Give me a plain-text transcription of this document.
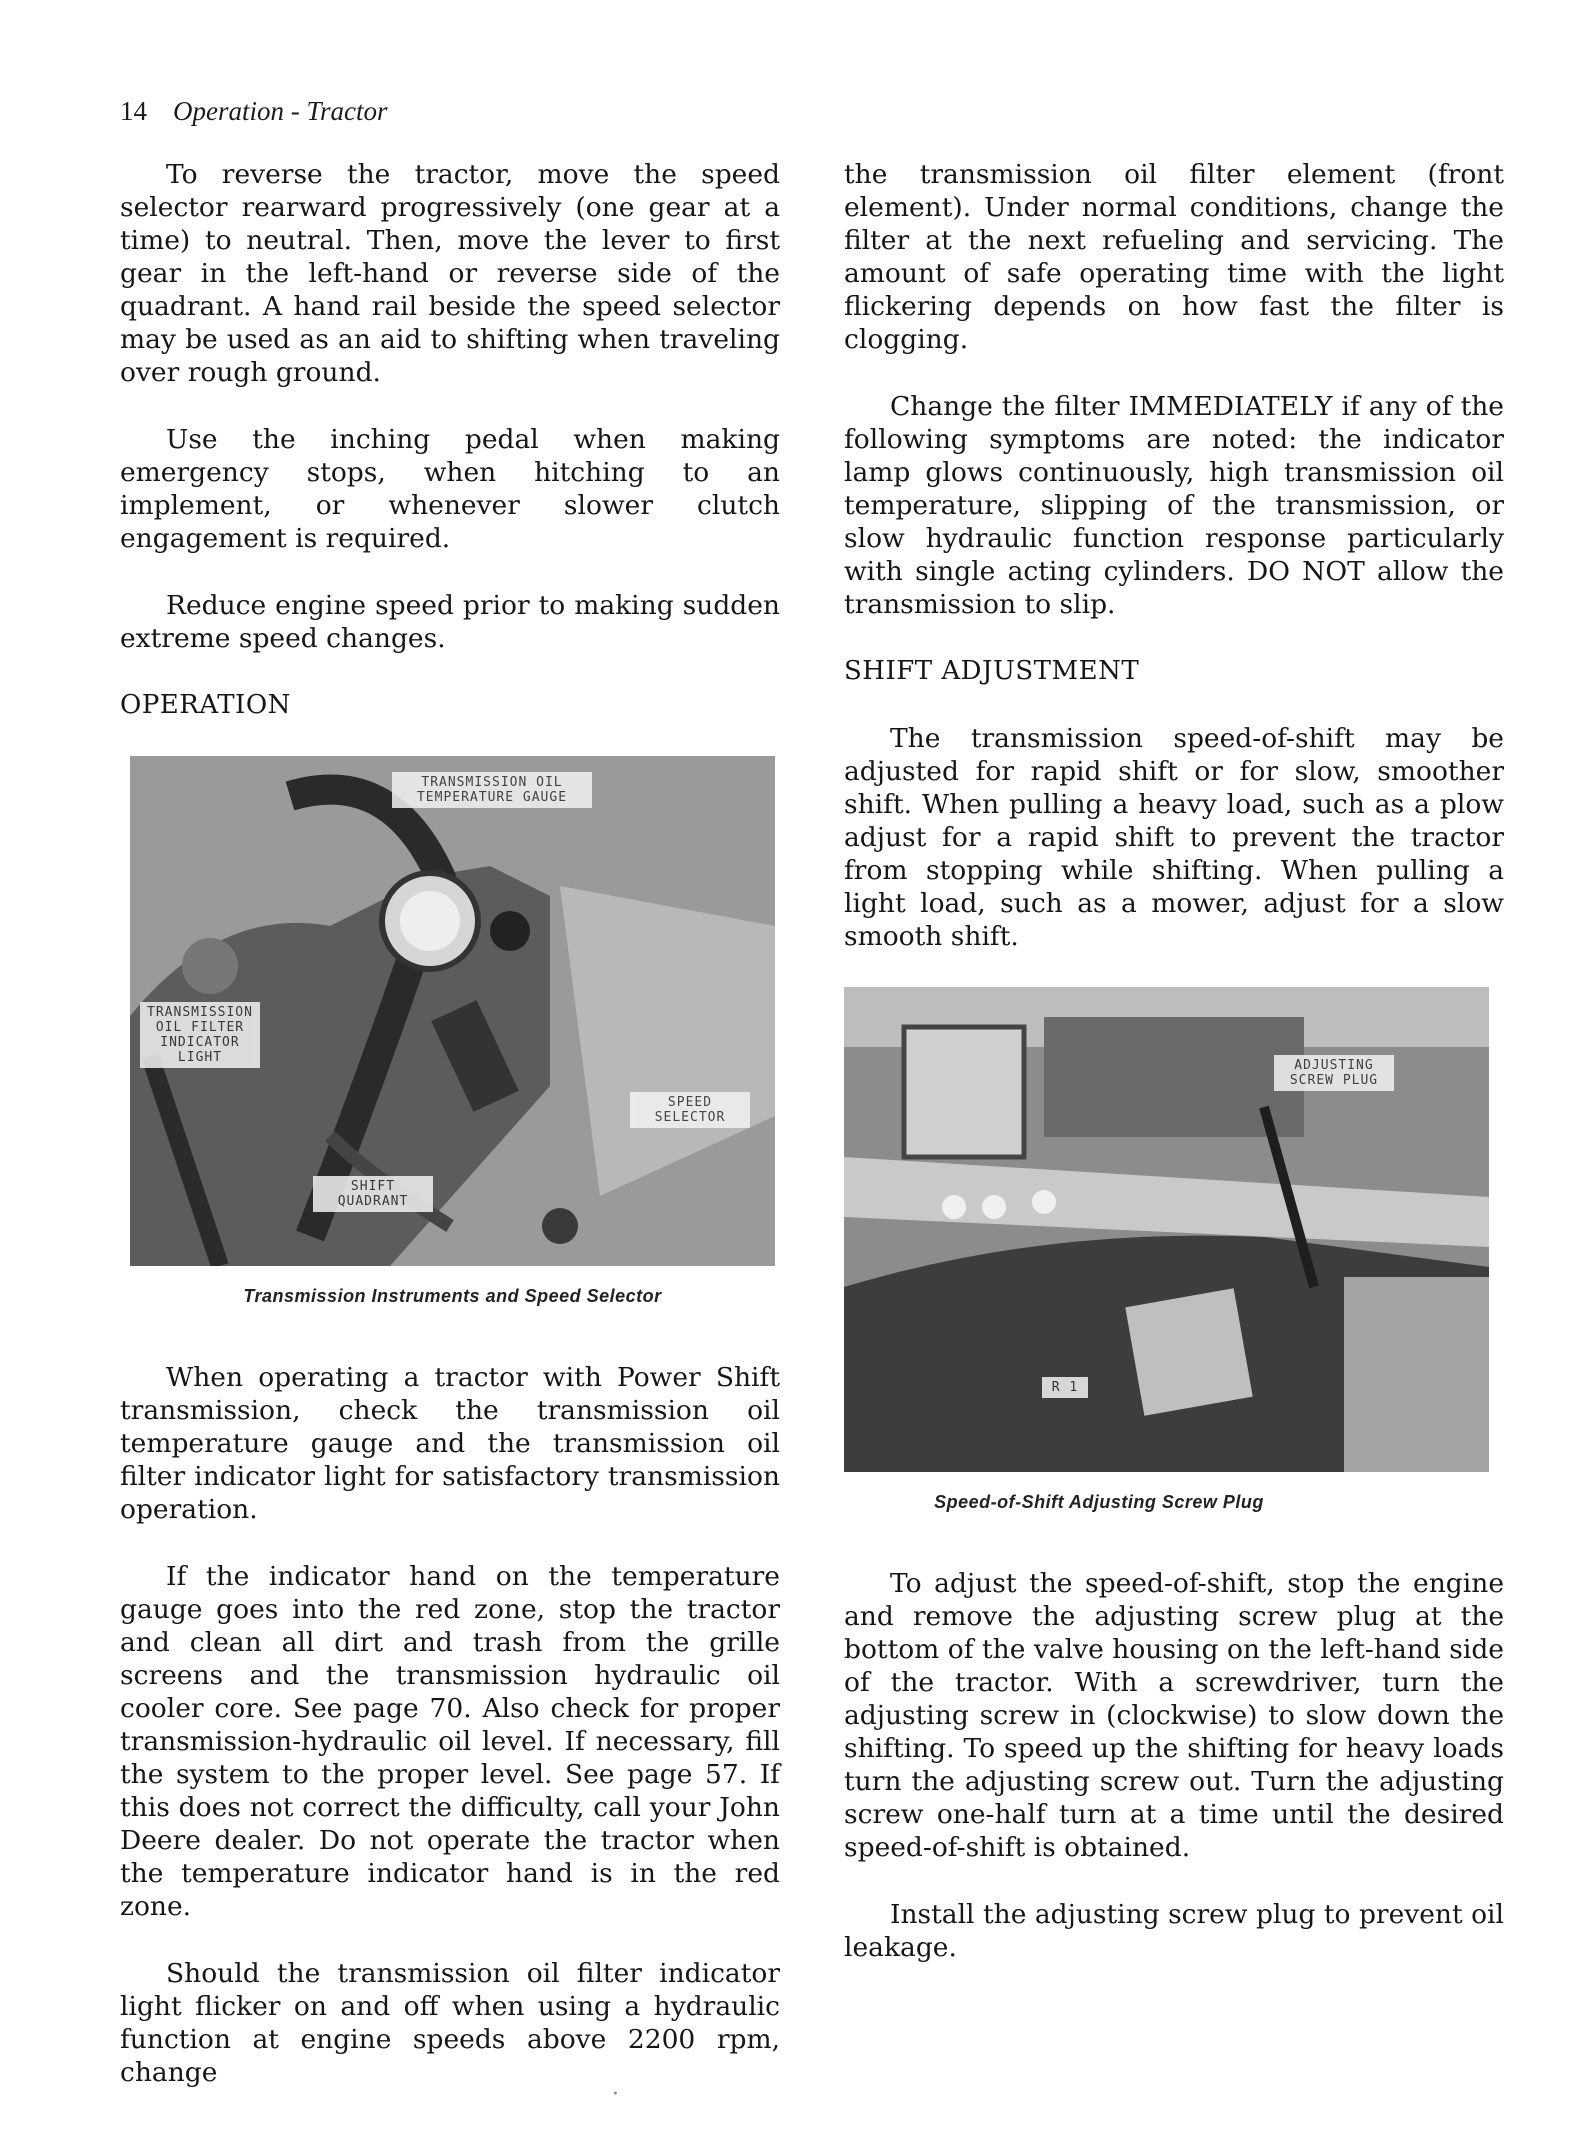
14 Operation - Tractor

To reverse the tractor, move the speed selector rearward progressively (one gear at a time) to neutral. Then, move the lever to first gear in the left-hand or reverse side of the quadrant. A hand rail beside the speed selector may be used as an aid to shifting when traveling over rough ground.

Use the inching pedal when making emergency stops, when hitching to an implement, or whenever slower clutch engagement is required.

Reduce engine speed prior to making sudden extreme speed changes.

OPERATION
TRANSMISSION OIL TEMPERATURE GAUGE
TRANSMISSION OIL FILTER INDICATOR LIGHT
SPEED SELECTOR
SHIFT QUADRANT
Transmission Instruments and Speed Selector

When operating a tractor with Power Shift transmission, check the transmission oil temperature gauge and the transmission oil filter indicator light for satisfactory transmission operation.

If the indicator hand on the temperature gauge goes into the red zone, stop the tractor and clean all dirt and trash from the grille screens and the transmission hydraulic oil cooler core. See page 70. Also check for proper transmission-hydraulic oil level. If necessary, fill the system to the proper level. See page 57. If this does not correct the difficulty, call your John Deere dealer. Do not operate the tractor when the temperature indicator hand is in the red zone.

Should the transmission oil filter indicator light flicker on and off when using a hydraulic function at engine speeds above 2200 rpm, change

the transmission oil filter element (front element). Under normal conditions, change the filter at the next refueling and servicing. The amount of safe operating time with the light flickering depends on how fast the filter is clogging.

Change the filter IMMEDIATELY if any of the following symptoms are noted: the indicator lamp glows continuously, high transmission oil temperature, slipping of the transmission, or slow hydraulic function response particularly with single acting cylinders. DO NOT allow the transmission to slip.

SHIFT ADJUSTMENT

The transmission speed-of-shift may be adjusted for rapid shift or for slow, smoother shift. When pulling a heavy load, such as a plow adjust for a rapid shift to prevent the tractor from stopping while shifting. When pulling a light load, such as a mower, adjust for a slow smooth shift.

ADJUSTING SCREW PLUG
R 1
Speed-of-Shift Adjusting Screw Plug

To adjust the speed-of-shift, stop the engine and remove the adjusting screw plug at the bottom of the valve housing on the left-hand side of the tractor. With a screwdriver, turn the adjusting screw in (clockwise) to slow down the shifting. To speed up the shifting for heavy loads turn the adjusting screw out. Turn the adjusting screw one-half turn at a time until the desired speed-of-shift is obtained.

Install the adjusting screw plug to prevent oil leakage.

·
